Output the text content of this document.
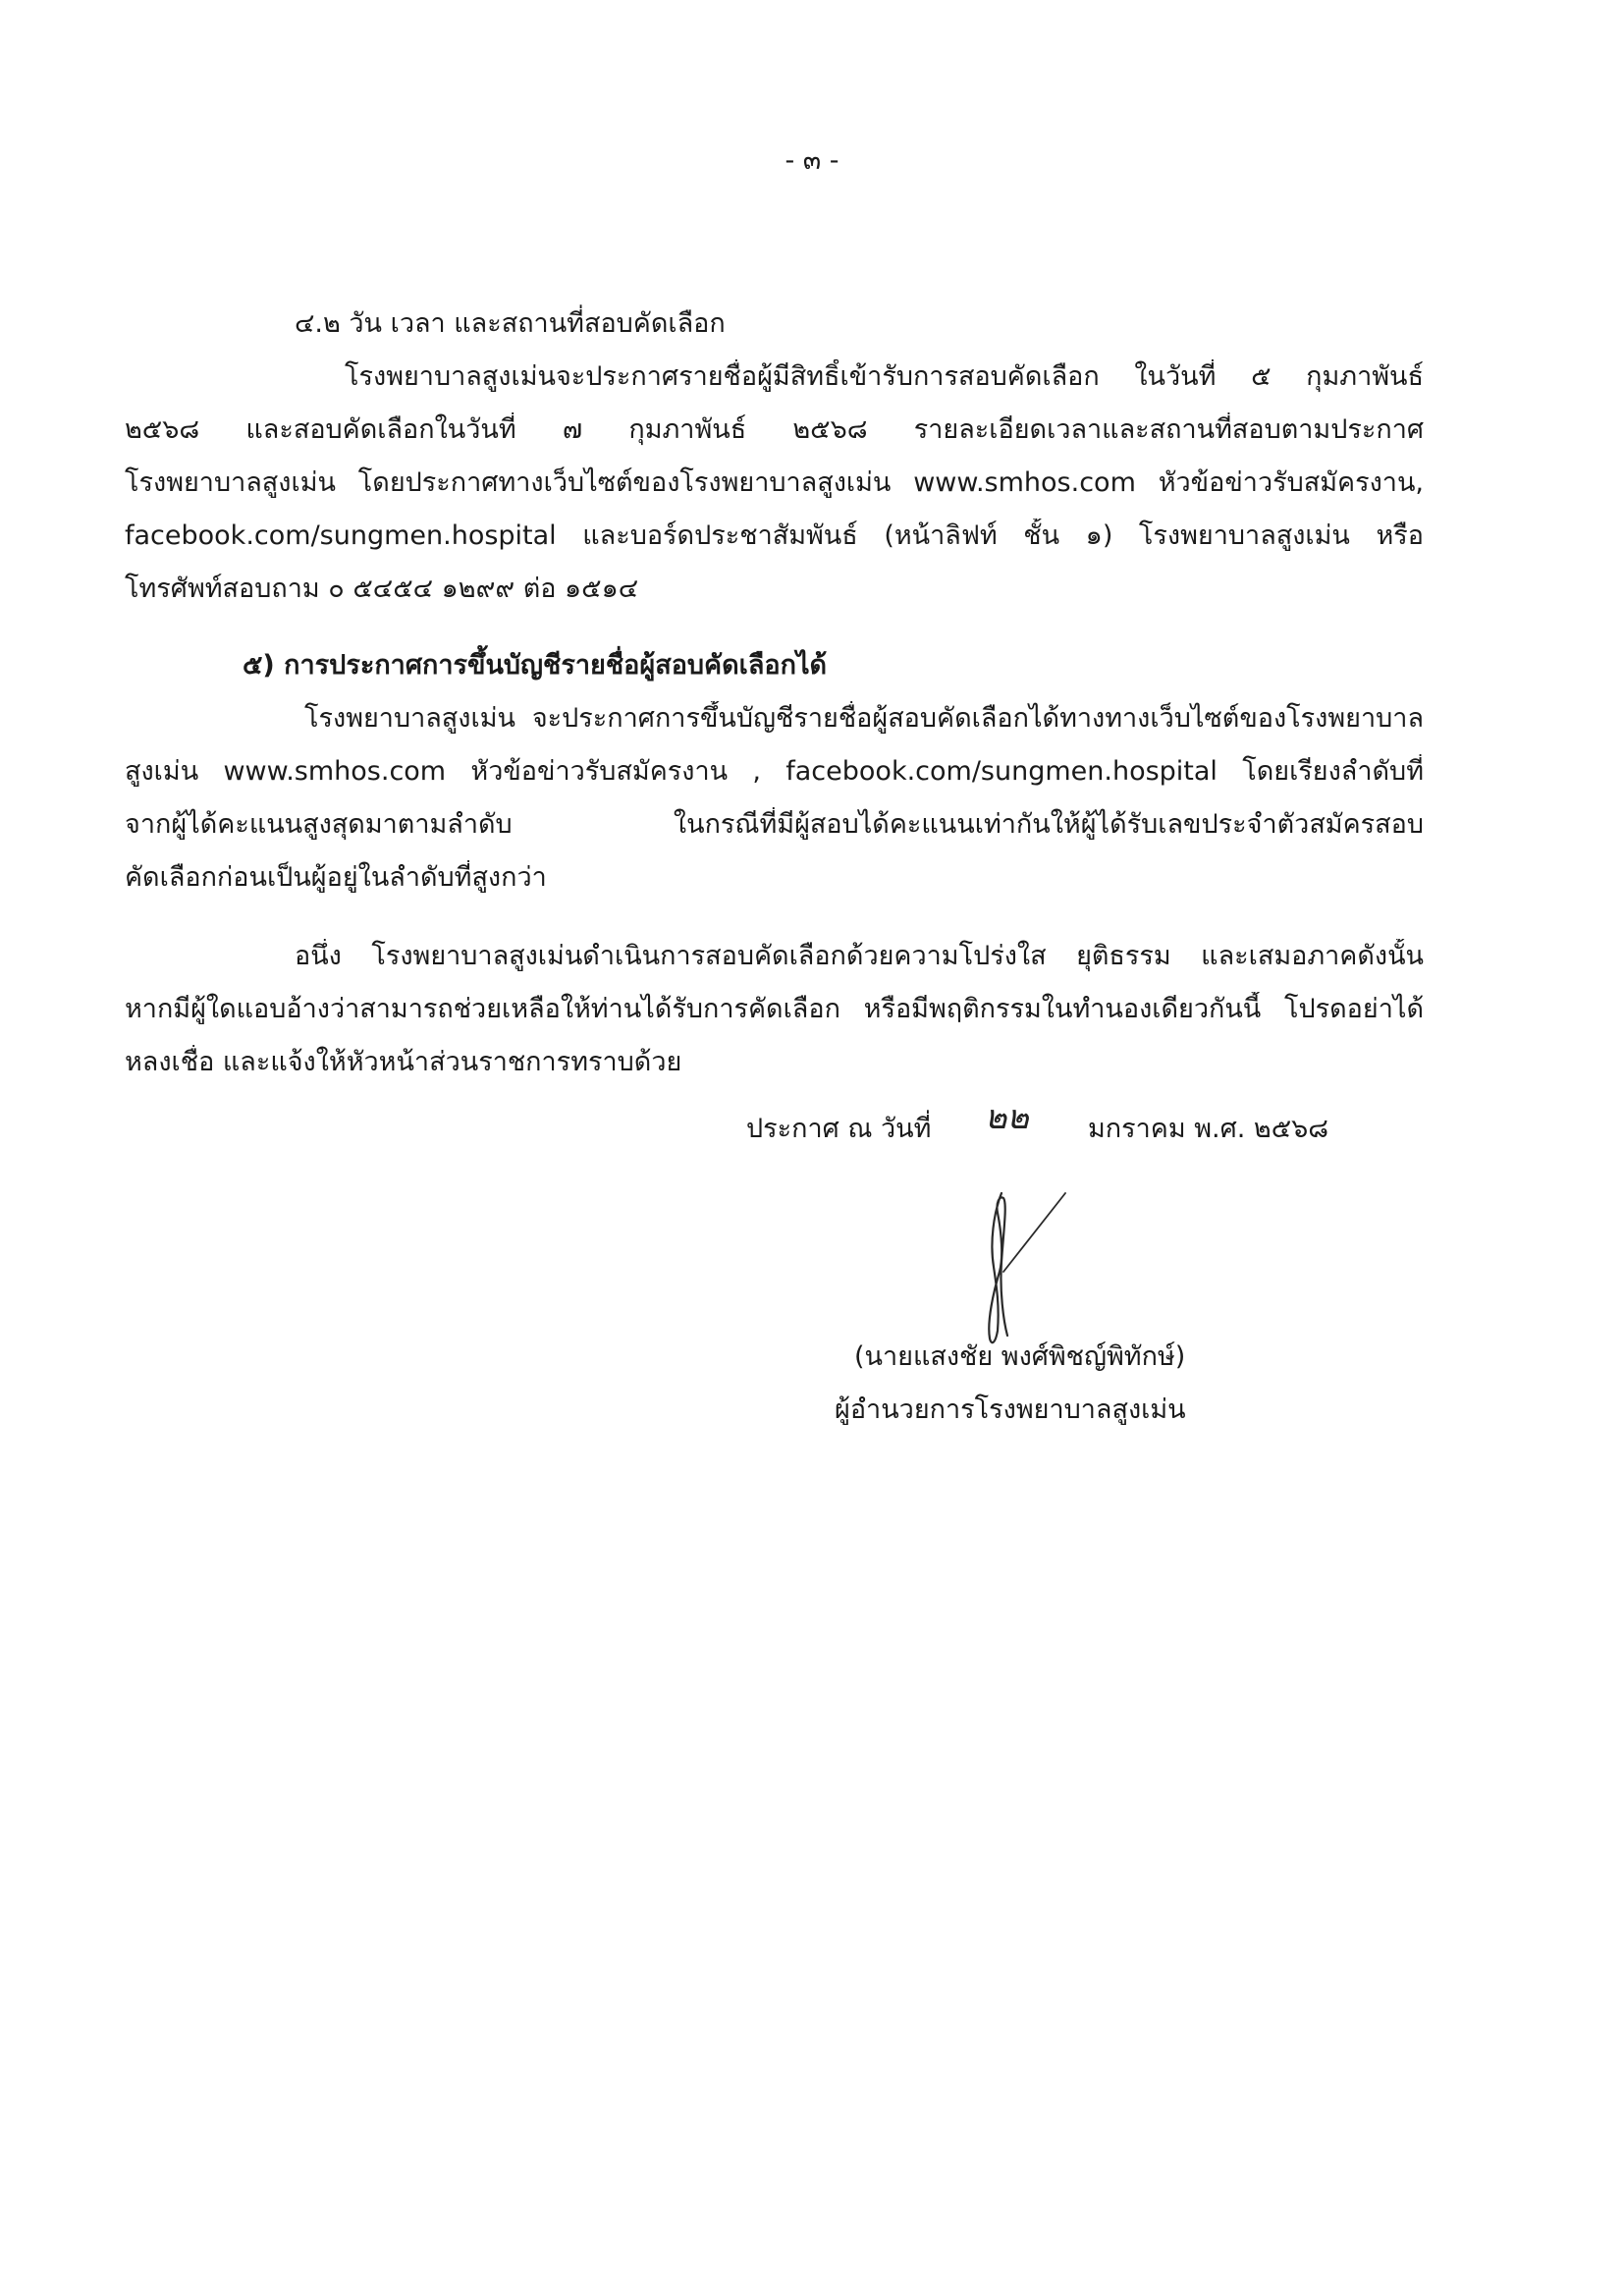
- ๓ -
๔.๒ วัน เวลา และสถานที่สอบคัดเลือก
โรงพยาบาลสูงเม่นจะประกาศรายชื่อผู้มีสิทธิ์เข้ารับการสอบคัดเลือก ในวันที่ ๕ กุมภาพันธ์
๒๕๖๘ และสอบคัดเลือกในวันที่ ๗ กุมภาพันธ์ ๒๕๖๘ รายละเอียดเวลาและสถานที่สอบตามประกาศ
โรงพยาบาลสูงเม่น โดยประกาศทางเว็บไซต์ของโรงพยาบาลสูงเม่น www.smhos.com หัวข้อข่าวรับสมัครงาน,
facebook.com/sungmen.hospital และบอร์ดประชาสัมพันธ์ (หน้าลิฟท์ ชั้น ๑) โรงพยาบาลสูงเม่น หรือ
โทรศัพท์สอบถาม ๐ ๕๔๕๔ ๑๒๙๙ ต่อ ๑๕๑๔
๕) การประกาศการขึ้นบัญชีรายชื่อผู้สอบคัดเลือกได้
โรงพยาบาลสูงเม่น จะประกาศการขึ้นบัญชีรายชื่อผู้สอบคัดเลือกได้ทางทางเว็บไซต์ของโรงพยาบาล
สูงเม่น www.smhos.com หัวข้อข่าวรับสมัครงาน , facebook.com/sungmen.hospital โดยเรียงลำดับที่
จากผู้ได้คะแนนสูงสุดมาตามลำดับ ในกรณีที่มีผู้สอบได้คะแนนเท่ากันให้ผู้ได้รับเลขประจำตัวสมัครสอบ
คัดเลือกก่อนเป็นผู้อยู่ในลำดับที่สูงกว่า
อนึ่ง โรงพยาบาลสูงเม่นดำเนินการสอบคัดเลือกด้วยความโปร่งใส ยุติธรรม และเสมอภาคดังนั้น
หากมีผู้ใดแอบอ้างว่าสามารถช่วยเหลือให้ท่านได้รับการคัดเลือก หรือมีพฤติกรรมในทำนองเดียวกันนี้ โปรดอย่าได้
หลงเชื่อ และแจ้งให้หัวหน้าส่วนราชการทราบด้วย
ประกาศ ณ วันที่ ๒๒ มกราคม พ.ศ. ๒๕๖๘
(นายแสงชัย พงศ์พิชญ์พิทักษ์)
ผู้อำนวยการโรงพยาบาลสูงเม่น
